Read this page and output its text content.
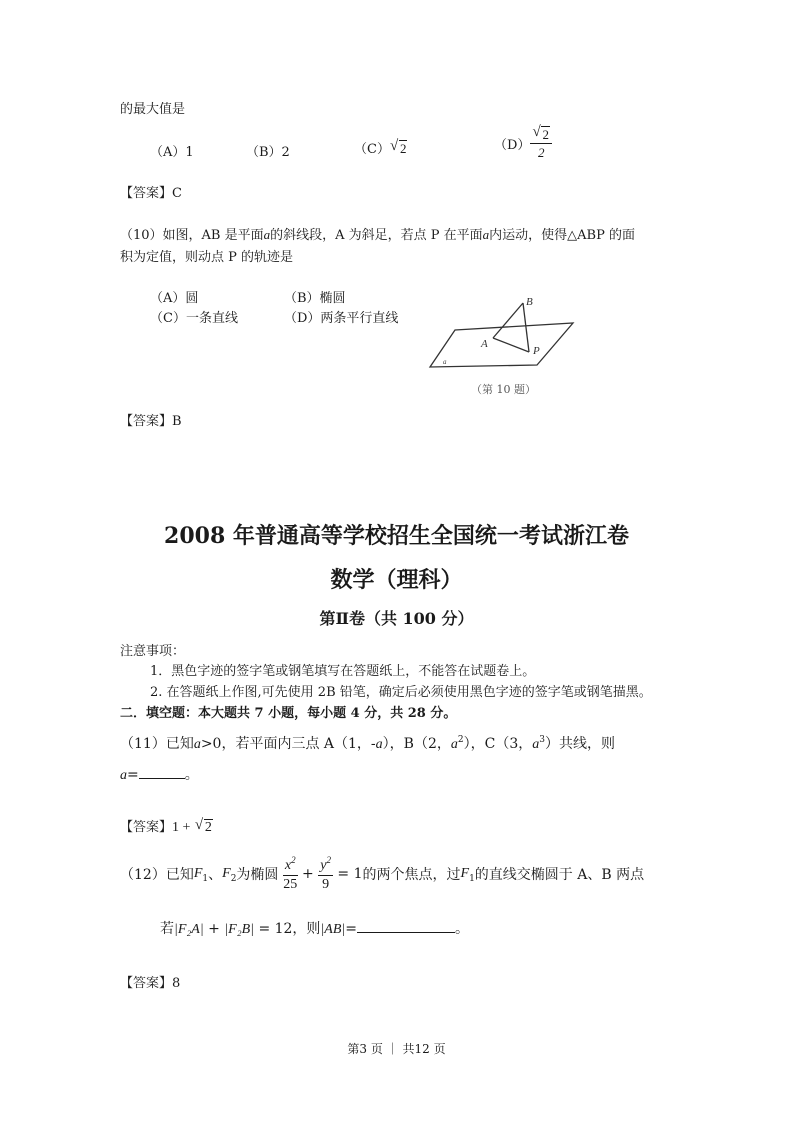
的最大值是
（A）1	（B）2	（C） √ 2	$(D) \frac{√ 2}{2}$
【答案】C
（10）如图，AB 是平面a的斜线段，A 为斜足，若点 P 在平面a内运动，使得△ABP 的面
积为定值，则动点 P 的轨迹是
（A）圆	（B）椭圆
（C）一条直线	（D）两条平行直线
B
A
P
a
（第 10 题）
【答案】B
2008 年普通高等学校招生全国统一考试浙江卷
数学（理科）
第Ⅱ卷（共 100 分）
注意事项：
1．黑色字迹的签字笔或钢笔填写在答题纸上，不能答在试题卷上。
2. 在答题纸上作图,可先使用 2B 铅笔，确定后必须使用黑色字迹的签字笔或钢笔描黑。
二．填空题：本大题共 7 小题，每小题 4 分，共 28 分。
（11）已知a>0，若平面内三点 A（1，-a），B（2，$a^2$），C（3，$a^3$）共线，则
a=	。
【答案】1 + √ 2
（12）已知$F_1$、$F_2$为椭圆 $\frac{x^2}{25} + \frac{y^2}{9} = 1$的两个焦点，过$F_1$的直线交椭圆于 A、B 两点
若|F₂A| + |F₂B| = 12，则|AB|=	。
【答案】8
第3 页 ｜ 共12 页
